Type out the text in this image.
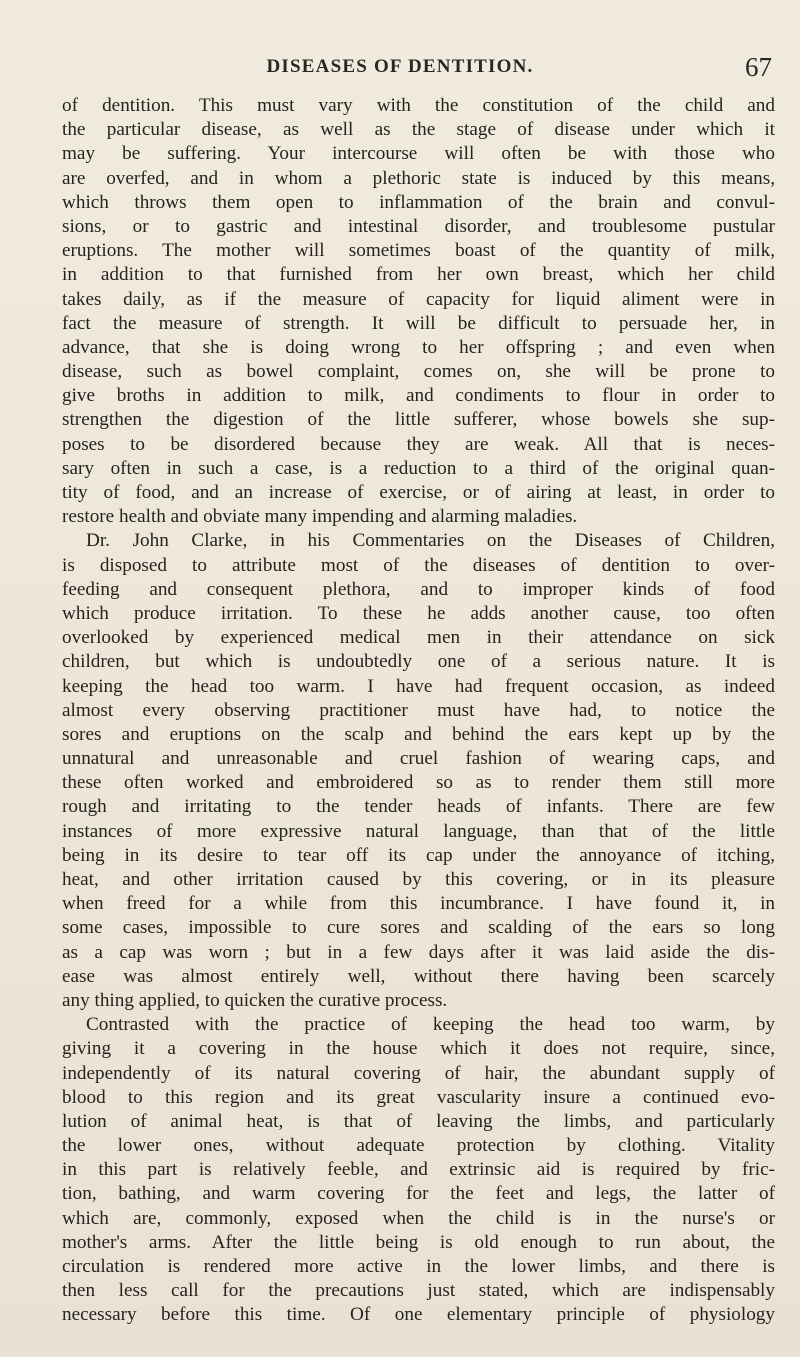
DISEASES OF DENTITION.	67
of dentition. This must vary with the constitution of the child and
the particular disease, as well as the stage of disease under which it
may be suffering. Your intercourse will often be with those who
are overfed, and in whom a plethoric state is induced by this means,
which throws them open to inflammation of the brain and convul-
sions, or to gastric and intestinal disorder, and troublesome pustular
eruptions. The mother will sometimes boast of the quantity of milk,
in addition to that furnished from her own breast, which her child
takes daily, as if the measure of capacity for liquid aliment were in
fact the measure of strength. It will be difficult to persuade her, in
advance, that she is doing wrong to her offspring ; and even when
disease, such as bowel complaint, comes on, she will be prone to
give broths in addition to milk, and condiments to flour in order to
strengthen the digestion of the little sufferer, whose bowels she sup-
poses to be disordered because they are weak. All that is neces-
sary often in such a case, is a reduction to a third of the original quan-
tity of food, and an increase of exercise, or of airing at least, in order to
restore health and obviate many impending and alarming maladies.
Dr. John Clarke, in his Commentaries on the Diseases of Children,
is disposed to attribute most of the diseases of dentition to over-
feeding and consequent plethora, and to improper kinds of food
which produce irritation. To these he adds another cause, too often
overlooked by experienced medical men in their attendance on sick
children, but which is undoubtedly one of a serious nature. It is
keeping the head too warm. I have had frequent occasion, as indeed
almost every observing practitioner must have had, to notice the
sores and eruptions on the scalp and behind the ears kept up by the
unnatural and unreasonable and cruel fashion of wearing caps, and
these often worked and embroidered so as to render them still more
rough and irritating to the tender heads of infants. There are few
instances of more expressive natural language, than that of the little
being in its desire to tear off its cap under the annoyance of itching,
heat, and other irritation caused by this covering, or in its pleasure
when freed for a while from this incumbrance. I have found it, in
some cases, impossible to cure sores and scalding of the ears so long
as a cap was worn ; but in a few days after it was laid aside the dis-
ease was almost entirely well, without there having been scarcely
any thing applied, to quicken the curative process.
Contrasted with the practice of keeping the head too warm, by
giving it a covering in the house which it does not require, since,
independently of its natural covering of hair, the abundant supply of
blood to this region and its great vascularity insure a continued evo-
lution of animal heat, is that of leaving the limbs, and particularly
the lower ones, without adequate protection by clothing. Vitality
in this part is relatively feeble, and extrinsic aid is required by fric-
tion, bathing, and warm covering for the feet and legs, the latter of
which are, commonly, exposed when the child is in the nurse's or
mother's arms. After the little being is old enough to run about, the
circulation is rendered more active in the lower limbs, and there is
then less call for the precautions just stated, which are indispensably
necessary before this time. Of one elementary principle of physiology
